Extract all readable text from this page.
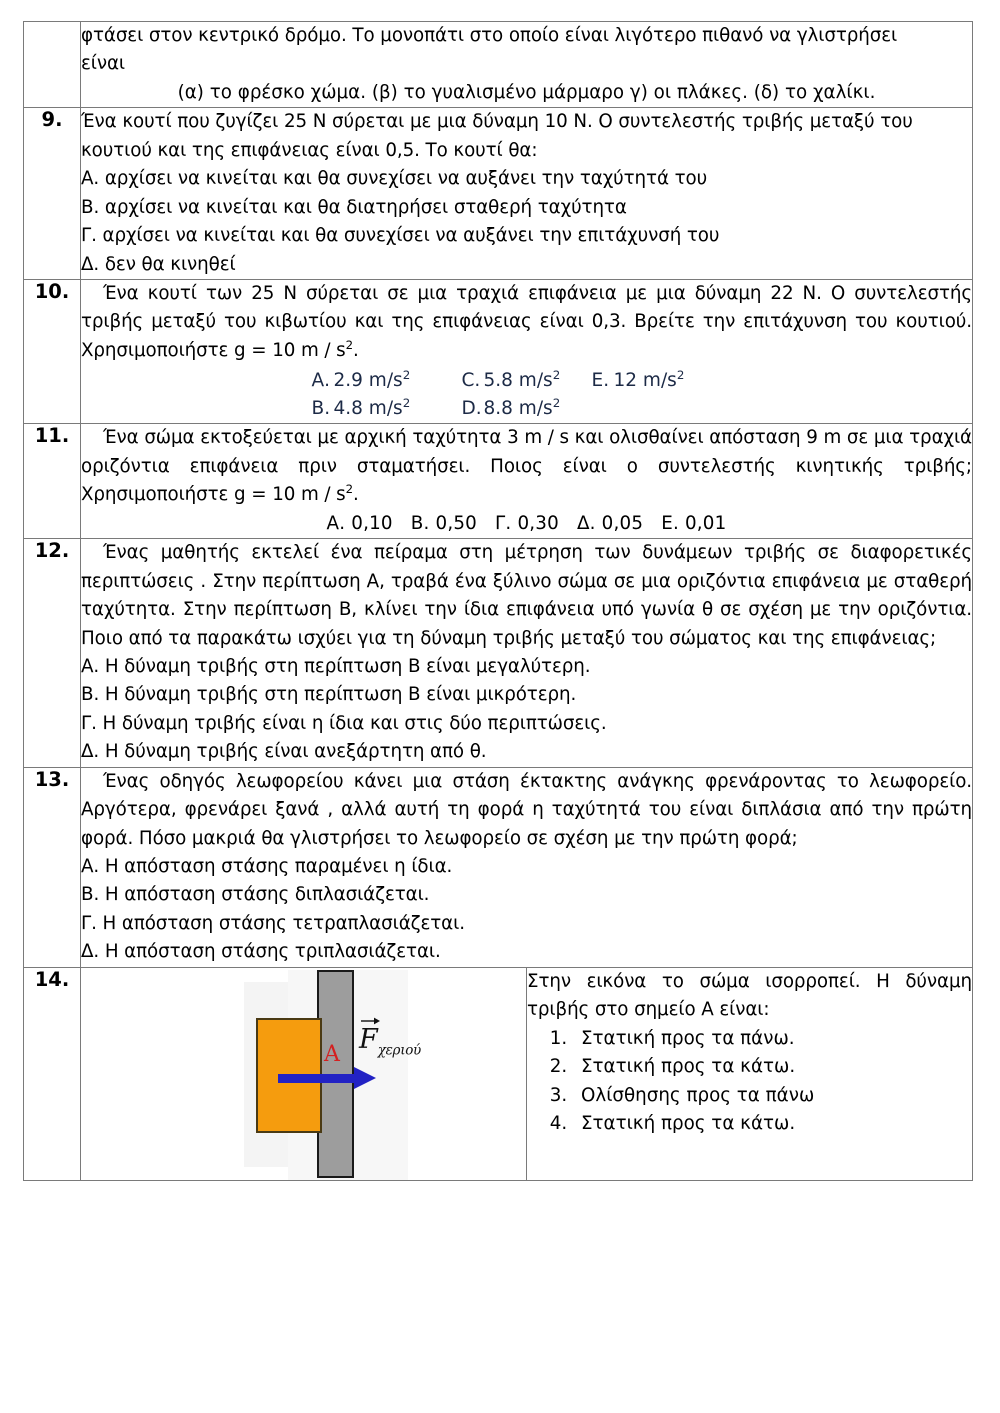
	φτάσει στον κεντρικό δρόμο. Το μονοπάτι στο οποίο είναι λιγότερο πιθανό να γλιστρήσει

είναι

(α) το φρέσκο χώμα. (β) το γυαλισμένο μάρμαρο γ) οι πλάκες. (δ) το χαλίκι.	

9.	Ένα κουτί που ζυγίζει 25 N σύρεται με μια δύναμη 10 N. Ο συντελεστής τριβής μεταξύ του κουτιού και της επιφάνειας είναι 0,5. Το κουτί θα:

Α. αρχίσει να κινείται και θα συνεχίσει να αυξάνει την ταχύτητά του

Β. αρχίσει να κινείται και θα διατηρήσει σταθερή ταχύτητα

Γ. αρχίσει να κινείται και θα συνεχίσει να αυξάνει την επιτάχυνσή του

Δ. δεν θα κινηθεί	

10.	Ένα κουτί των 25 N σύρεται σε μια τραχιά επιφάνεια με μια δύναμη 22 N. Ο συντελεστής τριβής μεταξύ του κιβωτίου και της επιφάνειας είναι 0,3. Βρείτε την επιτάχυνση του κουτιού. Χρησιμοποιήστε g = 10 m / $s^2$.

Α. 2.9 $m/s^2$	C. 5.8 $m/s^2$	E. 12 $m/s^2$
B. 4.8 $m/s^2$	D. 8.8 $m/s^2$

11.	Ένα σώμα εκτοξεύεται με αρχική ταχύτητα 3 m / s και ολισθαίνει απόσταση 9 m σε μια τραχιά οριζόντια επιφάνεια πριν σταματήσει. Ποιος είναι ο συντελεστής κινητικής τριβής; Χρησιμοποιήστε g = 10 m / $s^2$.

Α. 0,10 Β. 0,50 Γ. 0,30 Δ. 0,05 Ε. 0,01	

12.	Ένας μαθητής εκτελεί ένα πείραμα στη μέτρηση των δυνάμεων τριβής σε διαφορετικές περιπτώσεις . Στην περίπτωση Α, τραβά ένα ξύλινο σώμα σε μια οριζόντια επιφάνεια με σταθερή ταχύτητα. Στην περίπτωση Β, κλίνει την ίδια επιφάνεια υπό γωνία θ σε σχέση με την οριζόντια. Ποιο από τα παρακάτω ισχύει για τη δύναμη τριβής μεταξύ του σώματος και της επιφάνειας;

Α. Η δύναμη τριβής στη περίπτωση Β είναι μεγαλύτερη.

Β. Η δύναμη τριβής στη περίπτωση Β είναι μικρότερη.

Γ. Η δύναμη τριβής είναι η ίδια και στις δύο περιπτώσεις.

Δ. Η δύναμη τριβής είναι ανεξάρτητη από θ.	

13.	Ένας οδηγός λεωφορείου κάνει μια στάση έκτακτης ανάγκης φρενάροντας το λεωφορείο. Αργότερα, φρενάρει ξανά , αλλά αυτή τη φορά η ταχύτητά του είναι διπλάσια από την πρώτη φορά. Πόσο μακριά θα γλιστρήσει το λεωφορείο σε σχέση με την πρώτη φορά;

Α. Η απόσταση στάσης παραμένει η ίδια.

Β. Η απόσταση στάσης διπλασιάζεται.

Γ. Η απόσταση στάσης τετραπλασιάζεται.

Δ. Η απόσταση στάσης τριπλασιάζεται.	

14.	
A $F_{\chi\varepsilon\rho\iota oύ}$

Στην εικόνα το σώμα ισορροπεί. Η δύναμη τριβής στο σημείο Α είναι:

1. Στατική προς τα πάνω.
2. Στατική προς τα κάτω.
3. Ολίσθησης προς τα πάνω
4. Στατική προς τα κάτω.
